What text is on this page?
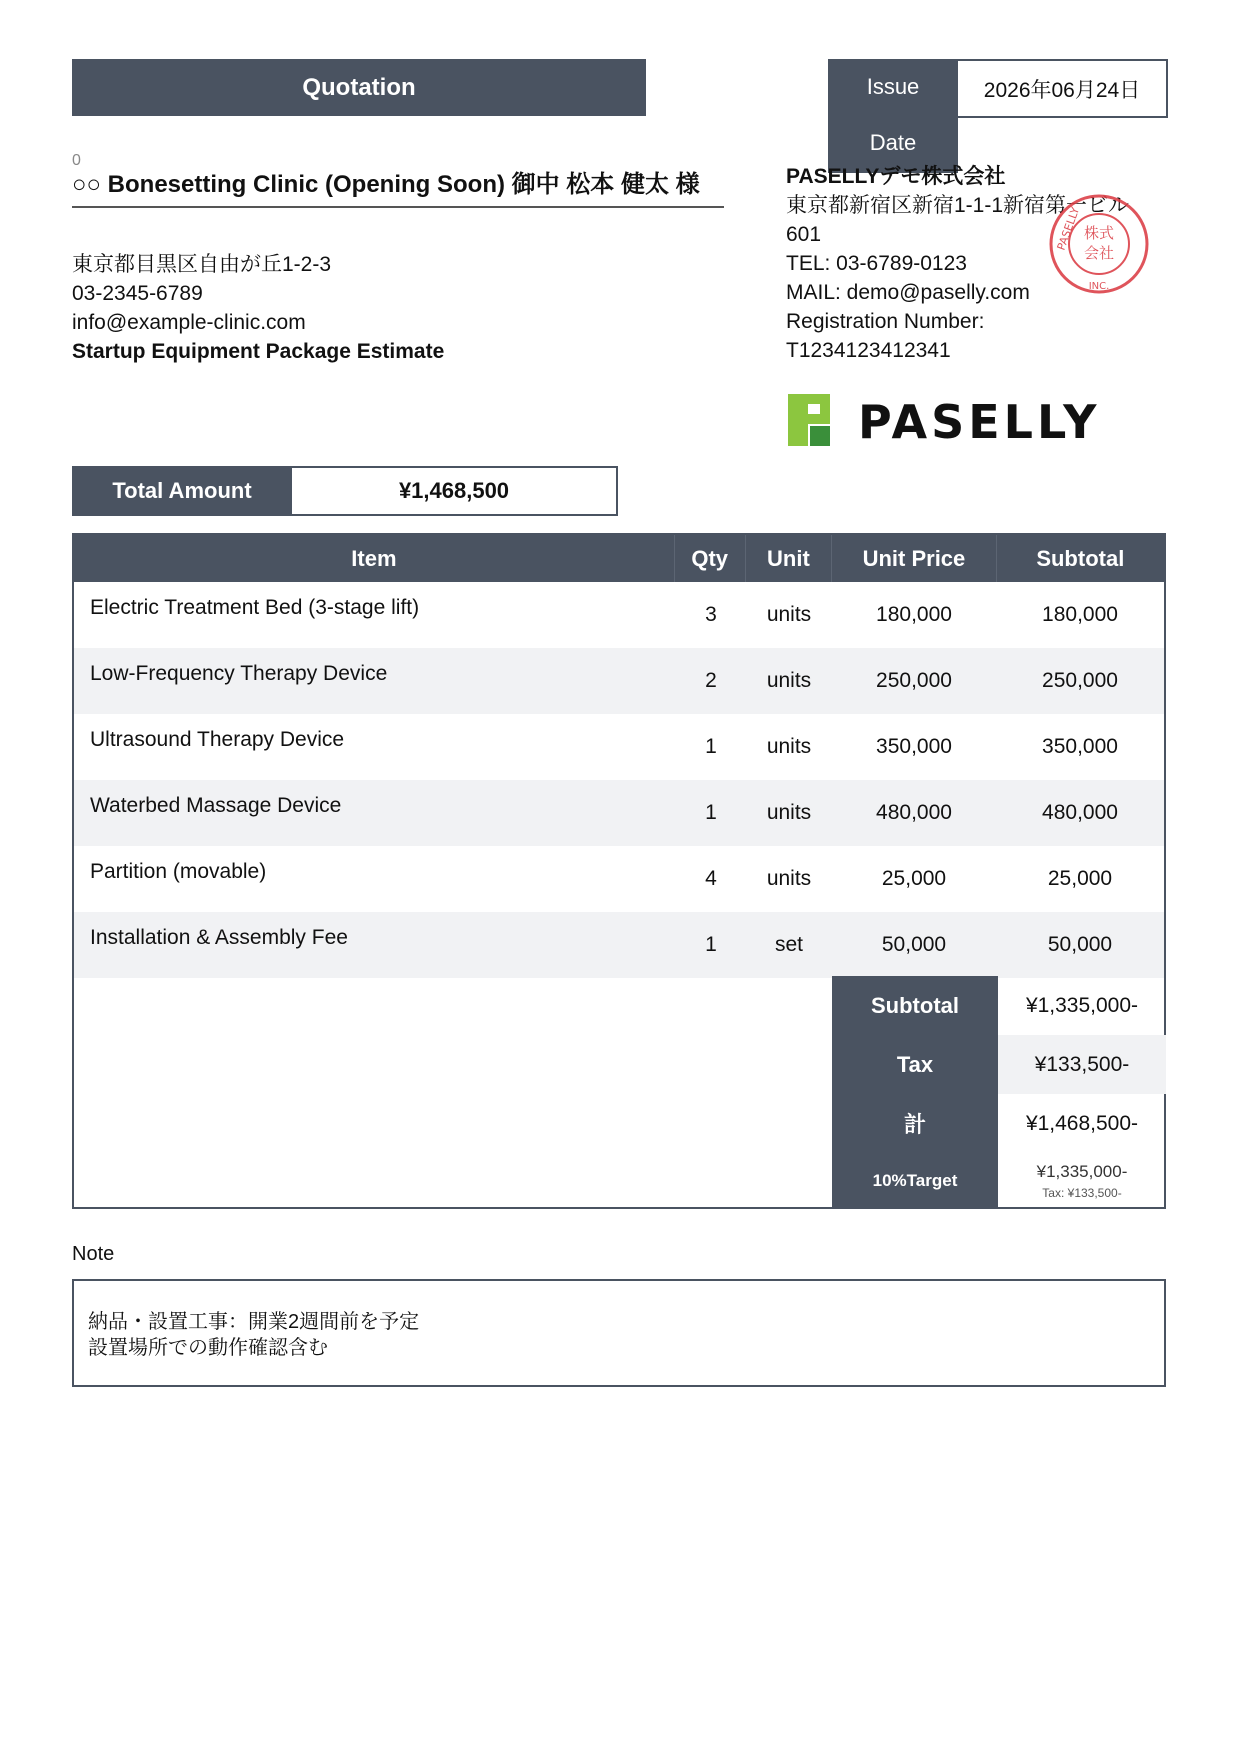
Quotation	Issue
Date
2026年06月24日
0
○○ Bonesetting Clinic (Opening Soon) 御中 松本 健太 様
東京都目黒区自由が丘1-2-3
03-2345-6789
info@example-clinic.com
Startup Equipment Package Estimate
PASELLYデモ株式会社
東京都新宿区新宿1-1-1新宿第一ビル 601
TEL: 03-6789-0123
MAIL: demo@paselly.com
Registration Number:
T1234123412341
株式
会社
PASELLY
INC.
PASELLY
Total Amount	¥1,468,500
Item	Qty	Unit	Unit Price	Subtotal
Electric Treatment Bed (3-stage lift)	3	units	180,000	180,000
Low-Frequency Therapy Device	2	units	250,000	250,000
Ultrasound Therapy Device	1	units	350,000	350,000
Waterbed Massage Device	1	units	480,000	480,000
Partition (movable)	4	units	25,000	25,000
Installation & Assembly Fee	1	set	50,000	50,000
Subtotal	¥1,335,000-
Tax	¥133,500-
計	¥1,468,500-
10%Target	¥1,335,000-
Tax: ¥133,500-
Note
納品・設置工事：開業2週間前を予定
設置場所での動作確認含む
